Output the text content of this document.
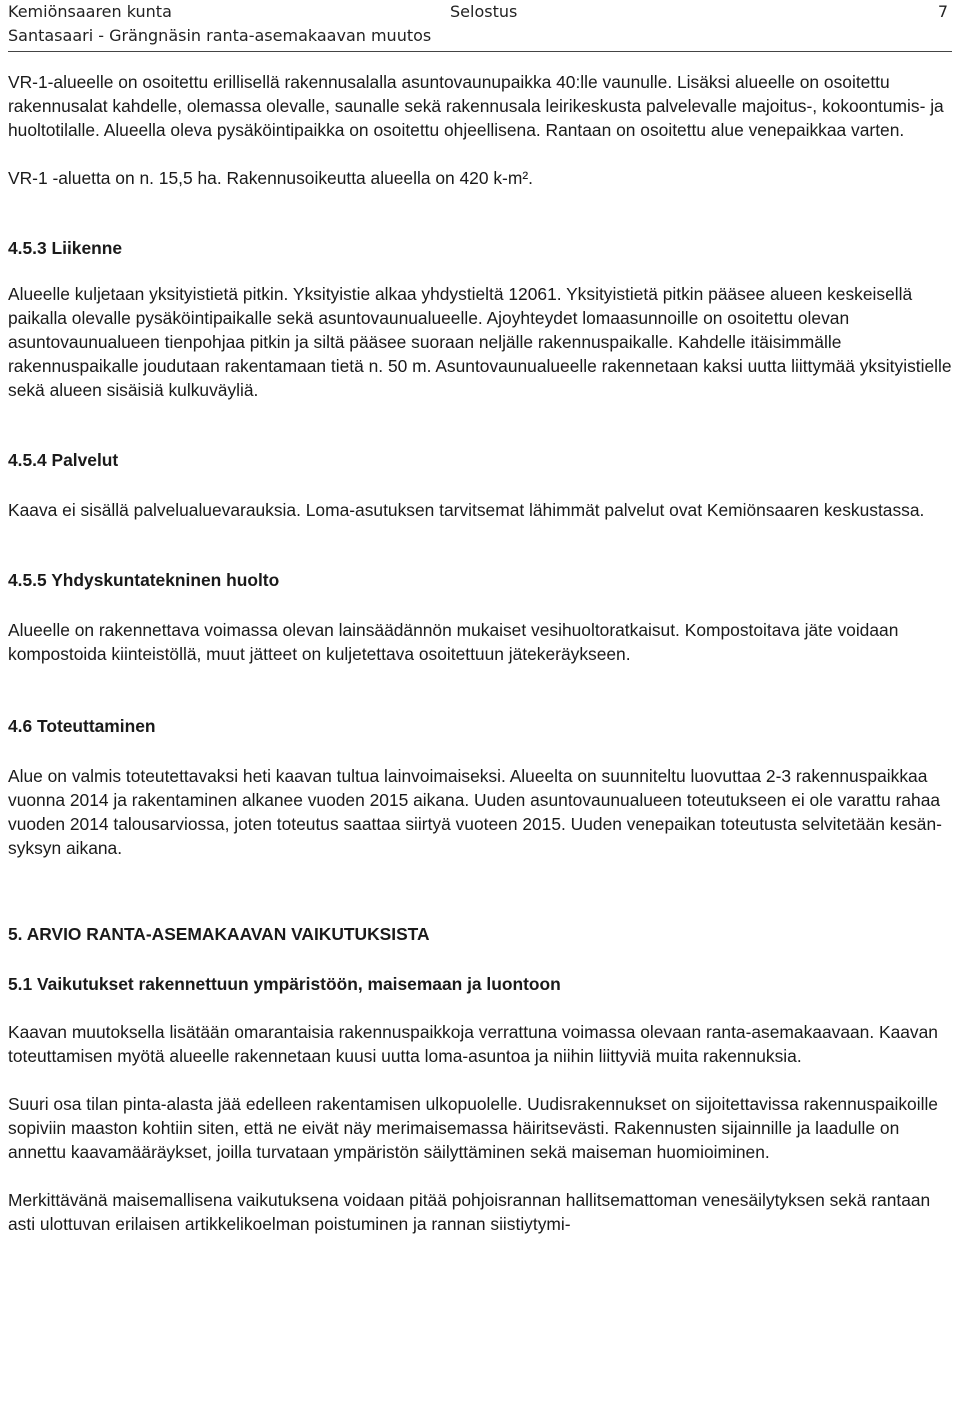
Kemiönsaaren kunta
Santasaari - Grängnäsin ranta-asemakaavan muutos
Selostus	7

VR-1-alueelle on osoitettu erillisellä rakennusalalla asuntovaunupaikka 40:lle vaunulle. Lisäksi alueelle on osoitettu rakennusalat kahdelle, olemassa olevalle, saunalle sekä rakennusala leirikeskusta palvelevalle majoitus-, kokoontumis- ja huoltotilalle. Alueella oleva pysäköintipaikka on osoitettu ohjeellisena. Rantaan on osoitettu alue venepaikkaa varten.

VR-1 -aluetta on n. 15,5 ha. Rakennusoikeutta alueella on 420 k-m².

4.5.3 Liikenne

Alueelle kuljetaan yksityistietä pitkin. Yksityistie alkaa yhdystieltä 12061. Yksityistietä pitkin pääsee alueen keskeisellä paikalla olevalle pysäköintipaikalle sekä asuntovaunualueelle. Ajoyhteydet lomaasunnoille on osoitettu olevan asuntovaunualueen tienpohjaa pitkin ja siltä pääsee suoraan neljälle rakennuspaikalle. Kahdelle itäisimmälle rakennuspaikalle joudutaan rakentamaan tietä n. 50 m. Asuntovaunualueelle rakennetaan kaksi uutta liittymää yksityistielle sekä alueen sisäisiä kulkuväyliä.

4.5.4 Palvelut

Kaava ei sisällä palvelualuevarauksia. Loma-asutuksen tarvitsemat lähimmät palvelut ovat Kemiönsaaren keskustassa.

4.5.5 Yhdyskuntatekninen huolto

Alueelle on rakennettava voimassa olevan lainsäädännön mukaiset vesihuoltoratkaisut. Kompostoitava jäte voidaan kompostoida kiinteistöllä, muut jätteet on kuljetettava osoitettuun jätekeräykseen.

4.6 Toteuttaminen

Alue on valmis toteutettavaksi heti kaavan tultua lainvoimaiseksi. Alueelta on suunniteltu luovuttaa 2-3 rakennuspaikkaa vuonna 2014 ja rakentaminen alkanee vuoden 2015 aikana. Uuden asuntovaunualueen toteutukseen ei ole varattu rahaa vuoden 2014 talousarviossa, joten toteutus saattaa siirtyä vuoteen 2015. Uuden venepaikan toteutusta selvitetään kesän-syksyn aikana.

5. ARVIO RANTA-ASEMAKAAVAN VAIKUTUKSISTA
5.1 Vaikutukset rakennettuun ympäristöön, maisemaan ja luontoon

Kaavan muutoksella lisätään omarantaisia rakennuspaikkoja verrattuna voimassa olevaan ranta-asemakaavaan. Kaavan toteuttamisen myötä alueelle rakennetaan kuusi uutta loma-asuntoa ja niihin liittyviä muita rakennuksia.

Suuri osa tilan pinta-alasta jää edelleen rakentamisen ulkopuolelle. Uudisrakennukset on sijoitettavissa rakennuspaikoille sopiviin maaston kohtiin siten, että ne eivät näy merimaisemassa häiritsevästi. Rakennusten sijainnille ja laadulle on annettu kaavamääräykset, joilla turvataan ympäristön säilyttäminen sekä maiseman huomioiminen.

Merkittävänä maisemallisena vaikutuksena voidaan pitää pohjoisrannan hallitsemattoman venesäilytyksen sekä rantaan asti ulottuvan erilaisen artikkelikoelman poistuminen ja rannan siistiytymi-
